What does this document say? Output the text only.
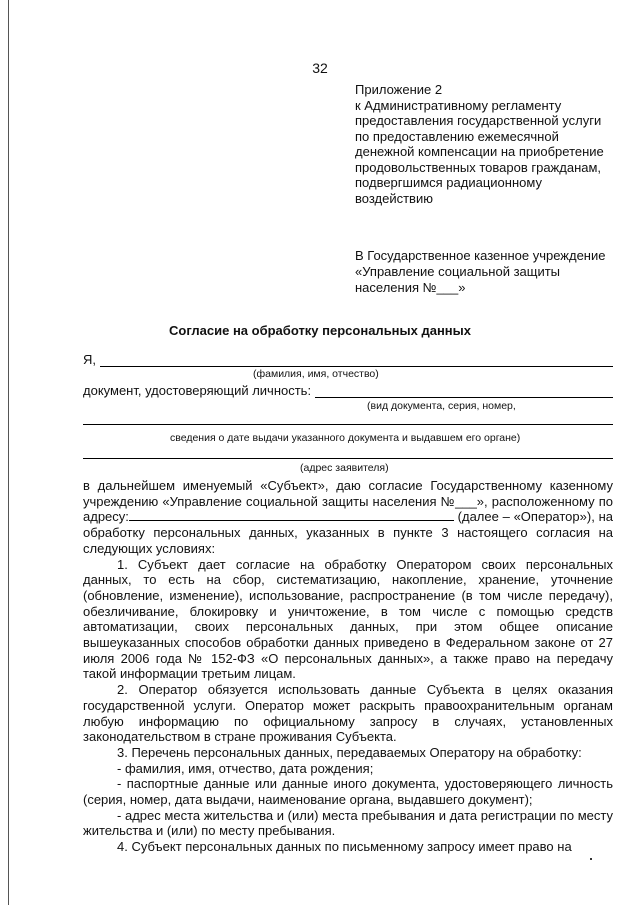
32
Приложение 2
к Административному регламенту
предоставления государственной услуги
по предоставлению ежемесячной
денежной компенсации на приобретение
продовольственных товаров гражданам,
подвергшимся радиационному
воздействию
В Государственное казенное учреждение
«Управление социальной защиты
населения №___»
Согласие на обработку персональных данных
Я,
(фамилия, имя, отчество)
документ, удостоверяющий личность:
(вид документа, серия, номер,
сведения о дате выдачи указанного документа и выдавшем его органе)
(адрес заявителя)

в дальнейшем именуемый «Субъект», даю согласие Государственному казенному учреждению «Управление социальной защиты населения №___», расположенному по адресу:	(далее – «Оператор»), на обработку персональных данных, указанных в пункте 3 настоящего согласия на следующих условиях:

1. Субъект дает согласие на обработку Оператором своих персональных данных, то есть на сбор, систематизацию, накопление, хранение, уточнение (обновление, изменение), использование, распространение (в том числе передачу), обезличивание, блокировку и уничтожение, в том числе с помощью средств автоматизации, своих персональных данных, при этом общее описание вышеуказанных способов обработки данных приведено в Федеральном законе от 27 июля 2006 года № 152-ФЗ «О персональных данных», а также право на передачу такой информации третьим лицам.

2. Оператор обязуется использовать данные Субъекта в целях оказания государственной услуги. Оператор может раскрыть правоохранительным органам любую информацию по официальному запросу в случаях, установленных законодательством в стране проживания Субъекта.

3. Перечень персональных данных, передаваемых Оператору на обработку:

- фамилия, имя, отчество, дата рождения;

- паспортные данные или данные иного документа, удостоверяющего личность (серия, номер, дата выдачи, наименование органа, выдавшего документ);

- адрес места жительства и (или) места пребывания и дата регистрации по месту жительства и (или) по месту пребывания.

4. Субъект персональных данных по письменному запросу имеет право на
